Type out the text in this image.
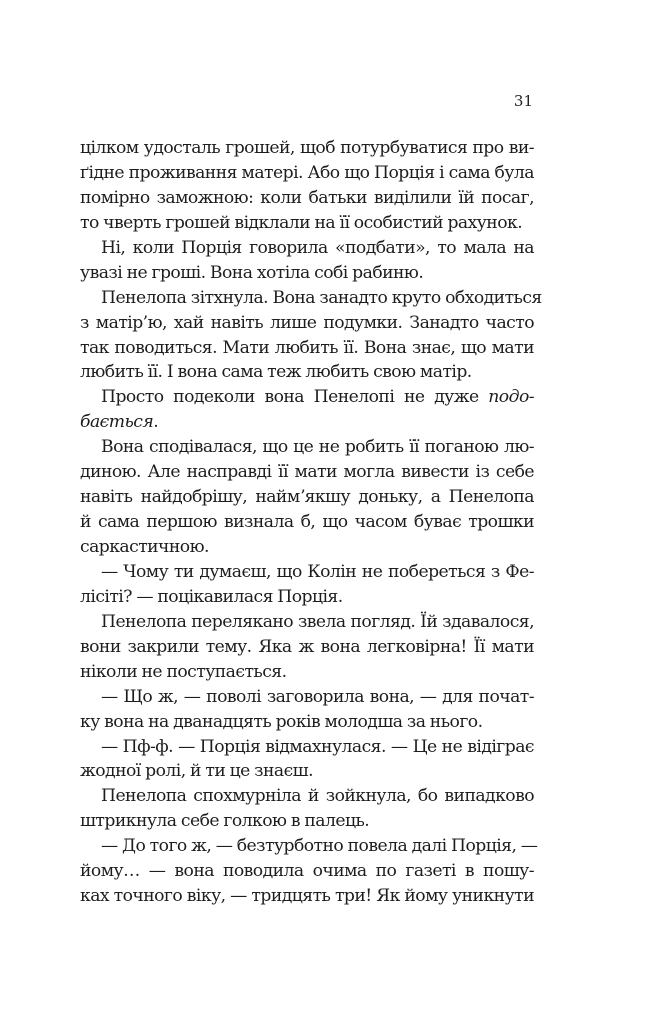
31
цілком удосталь грошей, щоб потурбуватися про ви-
ґідне проживання матері. Або що Порція і сама була
помірно заможною: коли батьки виділили їй посаг,
то чверть грошей відклали на її особистий рахунок.
Ні, коли Порція говорила «подбати», то мала на
увазі не гроші. Вона хотіла собі рабиню.
Пенелопа зітхнула. Вона занадто круто обходиться
з матір’ю, хай навіть лише подумки. Занадто часто
так поводиться. Мати любить її. Вона знає, що мати
любить її. І вона сама теж любить свою матір.
Просто подеколи вона Пенелопі не дуже подо-
бається.
Вона сподівалася, що це не робить її поганою лю-
диною. Але насправді її мати могла вивести із себе
навіть найдобрішу, наймʼякшу доньку, а Пенелопа
й сама першою визнала б, що часом буває трошки
саркастичною.
— Чому ти думаєш, що Колін не побереться з Фе-
лісіті? — поцікавилася Порція.
Пенелопа перелякано звела погляд. Їй здавалося,
вони закрили тему. Яка ж вона легковірна! Її мати
ніколи не поступається.
— Що ж, — поволі заговорила вона, — для почат-
ку вона на дванадцять років молодша за нього.
— Пф-ф. — Порція відмахнулася. — Це не відіграє
жодної ролі, й ти це знаєш.
Пенелопа спохмурніла й зойкнула, бо випадково
штрикнула себе голкою в палець.
— До того ж, — безтурботно повела далі Порція, —
йому… — вона поводила очима по газеті в пошу-
ках точного віку, — тридцять три! Як йому уникнути
